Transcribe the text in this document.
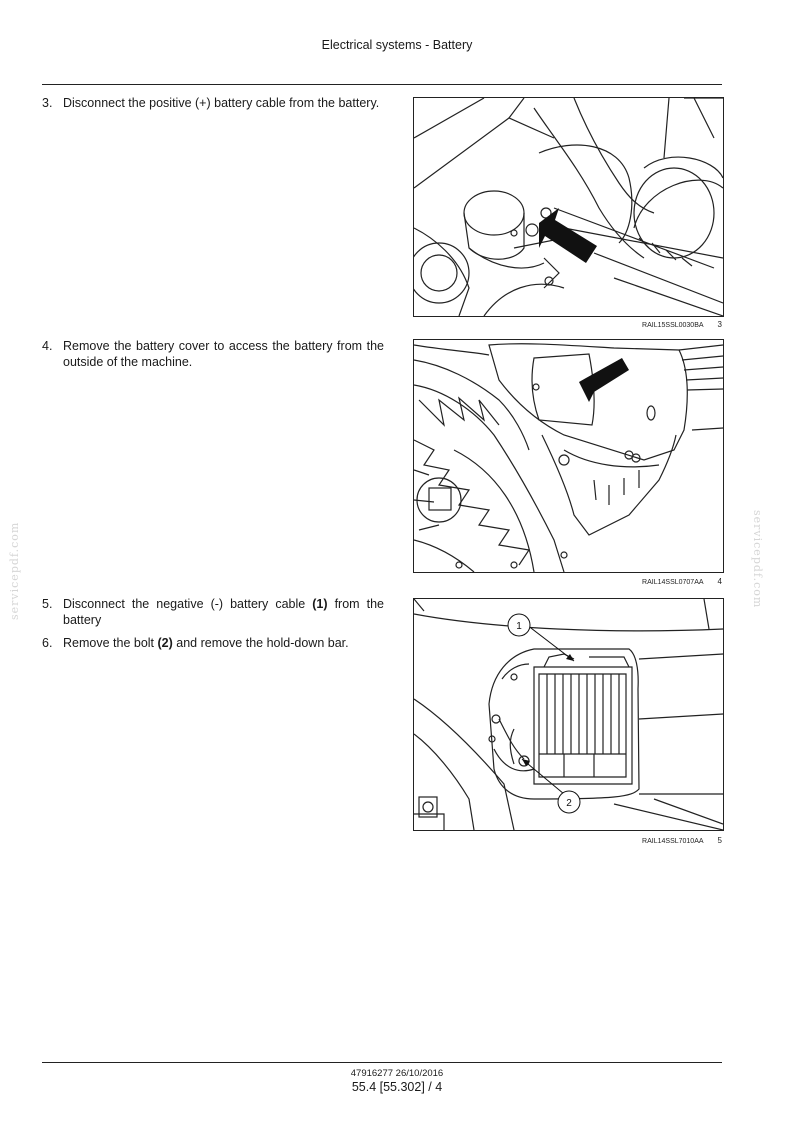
Electrical systems - Battery
3. Disconnect the positive (+) battery cable from the battery.
4. Remove the battery cover to access the battery from the outside of the machine.
5. Disconnect the negative (-) battery cable (1) from the battery
6. Remove the bolt (2) and remove the hold-down bar.
RAIL15SSL0030BA 3
RAIL14SSL0707AA 4
1
2
RAIL14SSL7010AA 5
servicepdf.com	servicepdf.com
47916277 26/10/2016
55.4 [55.302] / 4
